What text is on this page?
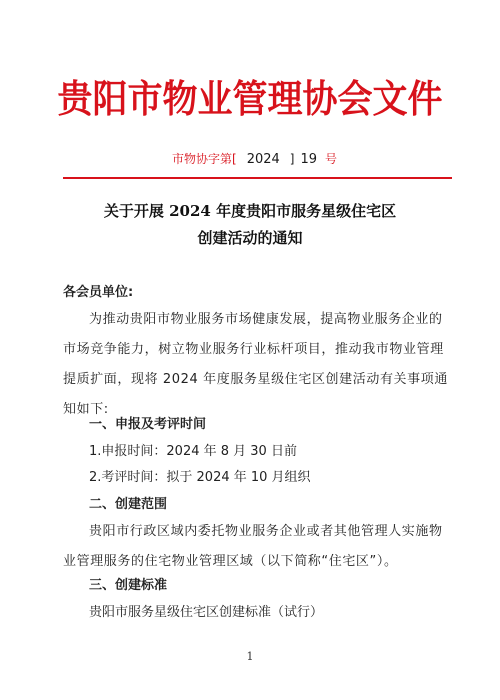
贵阳市物业管理协会文件
市物协字第[ 2024 ] 19 号
关于开展 2024 年度贵阳市服务星级住宅区
创建活动的通知
各会员单位:
为推动贵阳市物业服务市场健康发展，提高物业服务企业的市场竞争能力，树立物业服务行业标杆项目，推动我市物业管理提质扩面，现将 2024 年度服务星级住宅区创建活动有关事项通知如下:
一、申报及考评时间
1.申报时间：2024 年 8 月 30 日前
2.考评时间：拟于 2024 年 10 月组织
二、创建范围
贵阳市行政区域内委托物业服务企业或者其他管理人实施物业管理服务的住宅物业管理区域（以下简称“住宅区”）。
三、创建标准
贵阳市服务星级住宅区创建标准（试行）
1
